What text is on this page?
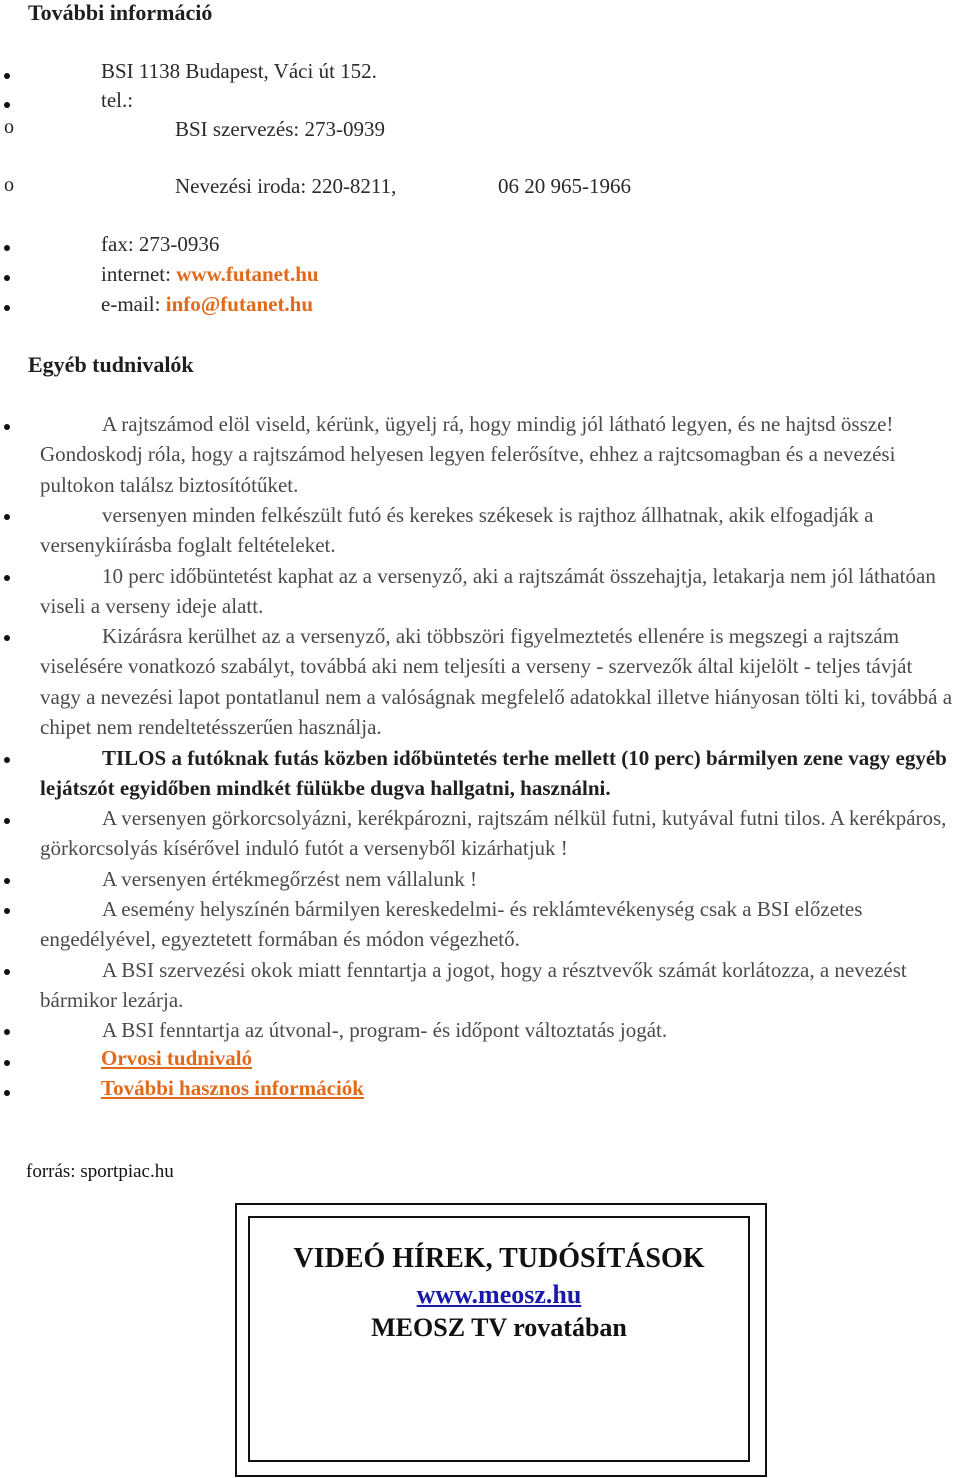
További információ
BSI 1138 Budapest, Váci út 152.
tel.:
o	BSI szervezés: 273-0939
o	Nevezési iroda: 220-8211,	06 20 965-1966
fax: 273-0936
internet: www.futanet.hu
e-mail: info@futanet.hu
Egyéb tudnivalók
A rajtszámod elöl viseld, kérünk, ügyelj rá, hogy mindig jól látható legyen, és ne hajtsd össze! Gondoskodj róla, hogy a rajtszámod helyesen legyen felerősítve, ehhez a rajtcsomagban és a nevezési pultokon találsz biztosítótűket.
versenyen minden felkészült futó és kerekes székesek is rajthoz állhatnak, akik elfogadják a versenykiírásba foglalt feltételeket.
10 perc időbüntetést kaphat az a versenyző, aki a rajtszámát összehajtja, letakarja nem jól láthatóan viseli a verseny ideje alatt.
Kizárásra kerülhet az a versenyző, aki többszöri figyelmeztetés ellenére is megszegi a rajtszám viselésére vonatkozó szabályt, továbbá aki nem teljesíti a verseny - szervezők által kijelölt - teljes távját vagy a nevezési lapot pontatlanul nem a valóságnak megfelelő adatokkal illetve hiányosan tölti ki, továbbá a chipet nem rendeltetésszerűen használja.
TILOS a futóknak futás közben időbüntetés terhe mellett (10 perc) bármilyen zene vagy egyéb lejátszót egyidőben mindkét fülükbe dugva hallgatni, használni.
A versenyen görkorcsolyázni, kerékpározni, rajtszám nélkül futni, kutyával futni tilos. A kerékpáros, görkorcsolyás kísérővel induló futót a versenyből kizárhatjuk !
A versenyen értékmegőrzést nem vállalunk !
A esemény helyszínén bármilyen kereskedelmi- és reklámtevékenység csak a BSI előzetes engedélyével, egyeztetett formában és módon végezhető.
A BSI szervezési okok miatt fenntartja a jogot, hogy a résztvevők számát korlátozza, a nevezést bármikor lezárja.
A BSI fenntartja az útvonal-, program- és időpont változtatás jogát.
Orvosi tudnivaló
További hasznos információk
forrás: sportpiac.hu
VIDEÓ HÍREK, TUDÓSÍTÁSOK
www.meosz.hu
MEOSZ TV rovatában
